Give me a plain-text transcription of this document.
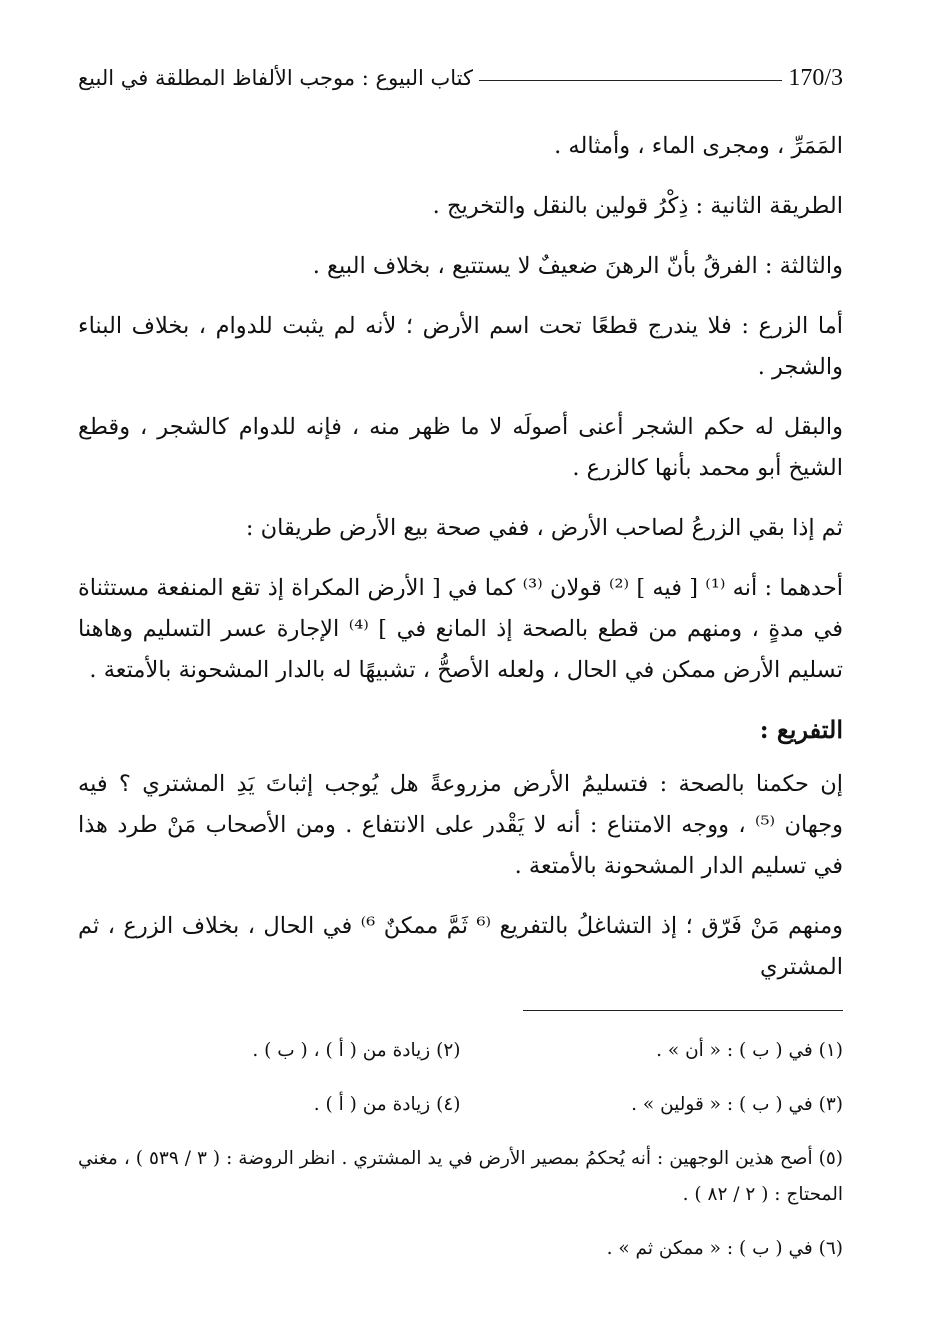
كتاب البيوع : موجب الألفاظ المطلقة في البيع	170/3

المَمَرِّ ، ومجرى الماء ، وأمثاله .

الطريقة الثانية : ذِكْرُ قولين بالنقل والتخريج .

والثالثة : الفرقُ بأنّ الرهنَ ضعيفٌ لا يستتبع ، بخلاف البيع .

أما الزرع : فلا يندرج قطعًا تحت اسم الأرض ؛ لأنه لم يثبت للدوام ، بخلاف البناء والشجر .

والبقل له حكم الشجر أعنى أصولَه لا ما ظهر منه ، فإنه للدوام كالشجر ، وقطع الشيخ أبو محمد بأنها كالزرع .

ثم إذا بقي الزرعُ لصاحب الأرض ، ففي صحة بيع الأرض طريقان :

أحدهما : أنه ⁽¹⁾ [ فيه ] ⁽²⁾ قولان ⁽³⁾ كما في [ الأرض المكراة إذ تقع المنفعة مستثناة في مدةٍ ، ومنهم من قطع بالصحة إذ المانع في ] ⁽⁴⁾ الإجارة عسر التسليم وهاهنا تسليم الأرض ممكن في الحال ، ولعله الأصحُّ ، تشبيهًا له بالدار المشحونة بالأمتعة .

التفريع :

إن حكمنا بالصحة : فتسليمُ الأرض مزروعةً هل يُوجب إثباتَ يَدِ المشتري ؟ فيه وجهان ⁽⁵⁾ ، ووجه الامتناع : أنه لا يَقْدر على الانتفاع . ومن الأصحاب مَنْ طرد هذا في تسليم الدار المشحونة بالأمتعة .

ومنهم مَنْ فَرّق ؛ إذ التشاغلُ بالتفريع ⁽⁶ ثَمَّ ممكنٌ ⁶⁾ في الحال ، بخلاف الزرع ، ثم المشتري

(١) في ( ب ) : « أن » .
(٢) زيادة من ( أ ) ، ( ب ) .
(٣) في ( ب ) : « قولين » .
(٤) زيادة من ( أ ) .
(٥) أصح هذين الوجهين : أنه يُحكمُ بمصير الأرض في يد المشتري . انظر الروضة : ( ٣ / ٥٣٩ ) ، مغني المحتاج : ( ٢ / ٨٢ ) .
(٦) في ( ب ) : « ممكن ثم » .
